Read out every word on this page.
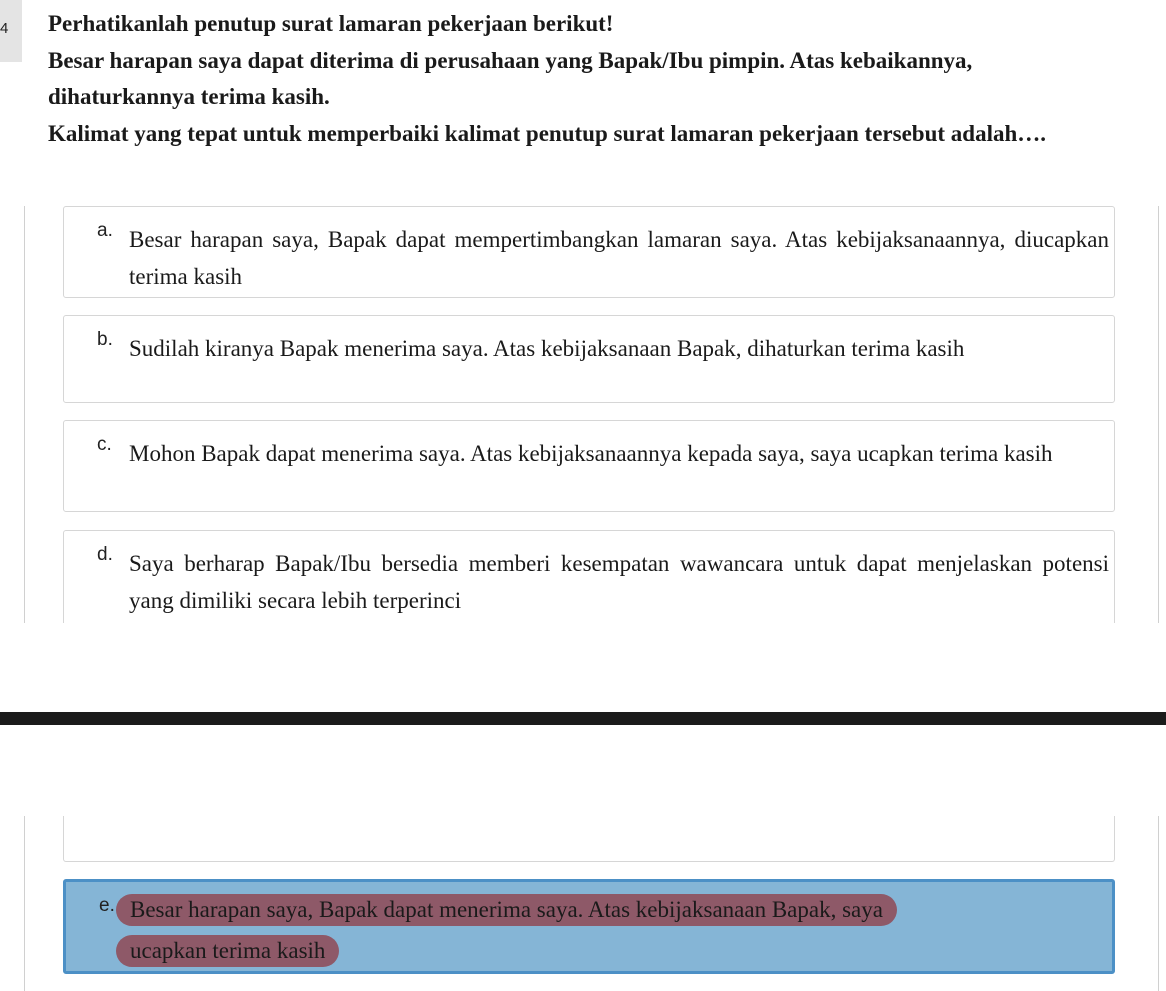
4	Perhatikanlah penutup surat lamaran pekerjaan berikut!

Besar harapan saya dapat diterima di perusahaan yang Bapak/Ibu pimpin. Atas kebaikannya, dihaturkannya terima kasih.

Kalimat yang tepat untuk memperbaiki kalimat penutup surat lamaran pekerjaan tersebut adalah….

a. Besar harapan saya, Bapak dapat mempertimbangkan lamaran saya. Atas kebijaksanaannya, diucapkan terima kasih
b. Sudilah kiranya Bapak menerima saya. Atas kebijaksanaan Bapak, dihaturkan terima kasih
c. Mohon Bapak dapat menerima saya. Atas kebijaksanaannya kepada saya, saya ucapkan terima kasih
d. Saya berharap Bapak/Ibu bersedia memberi kesempatan wawancara untuk dapat menjelaskan potensi yang dimiliki secara lebih terperinci
e. Besar harapan saya, Bapak dapat menerima saya. Atas kebijaksanaan Bapak, saya
ucapkan terima kasih
